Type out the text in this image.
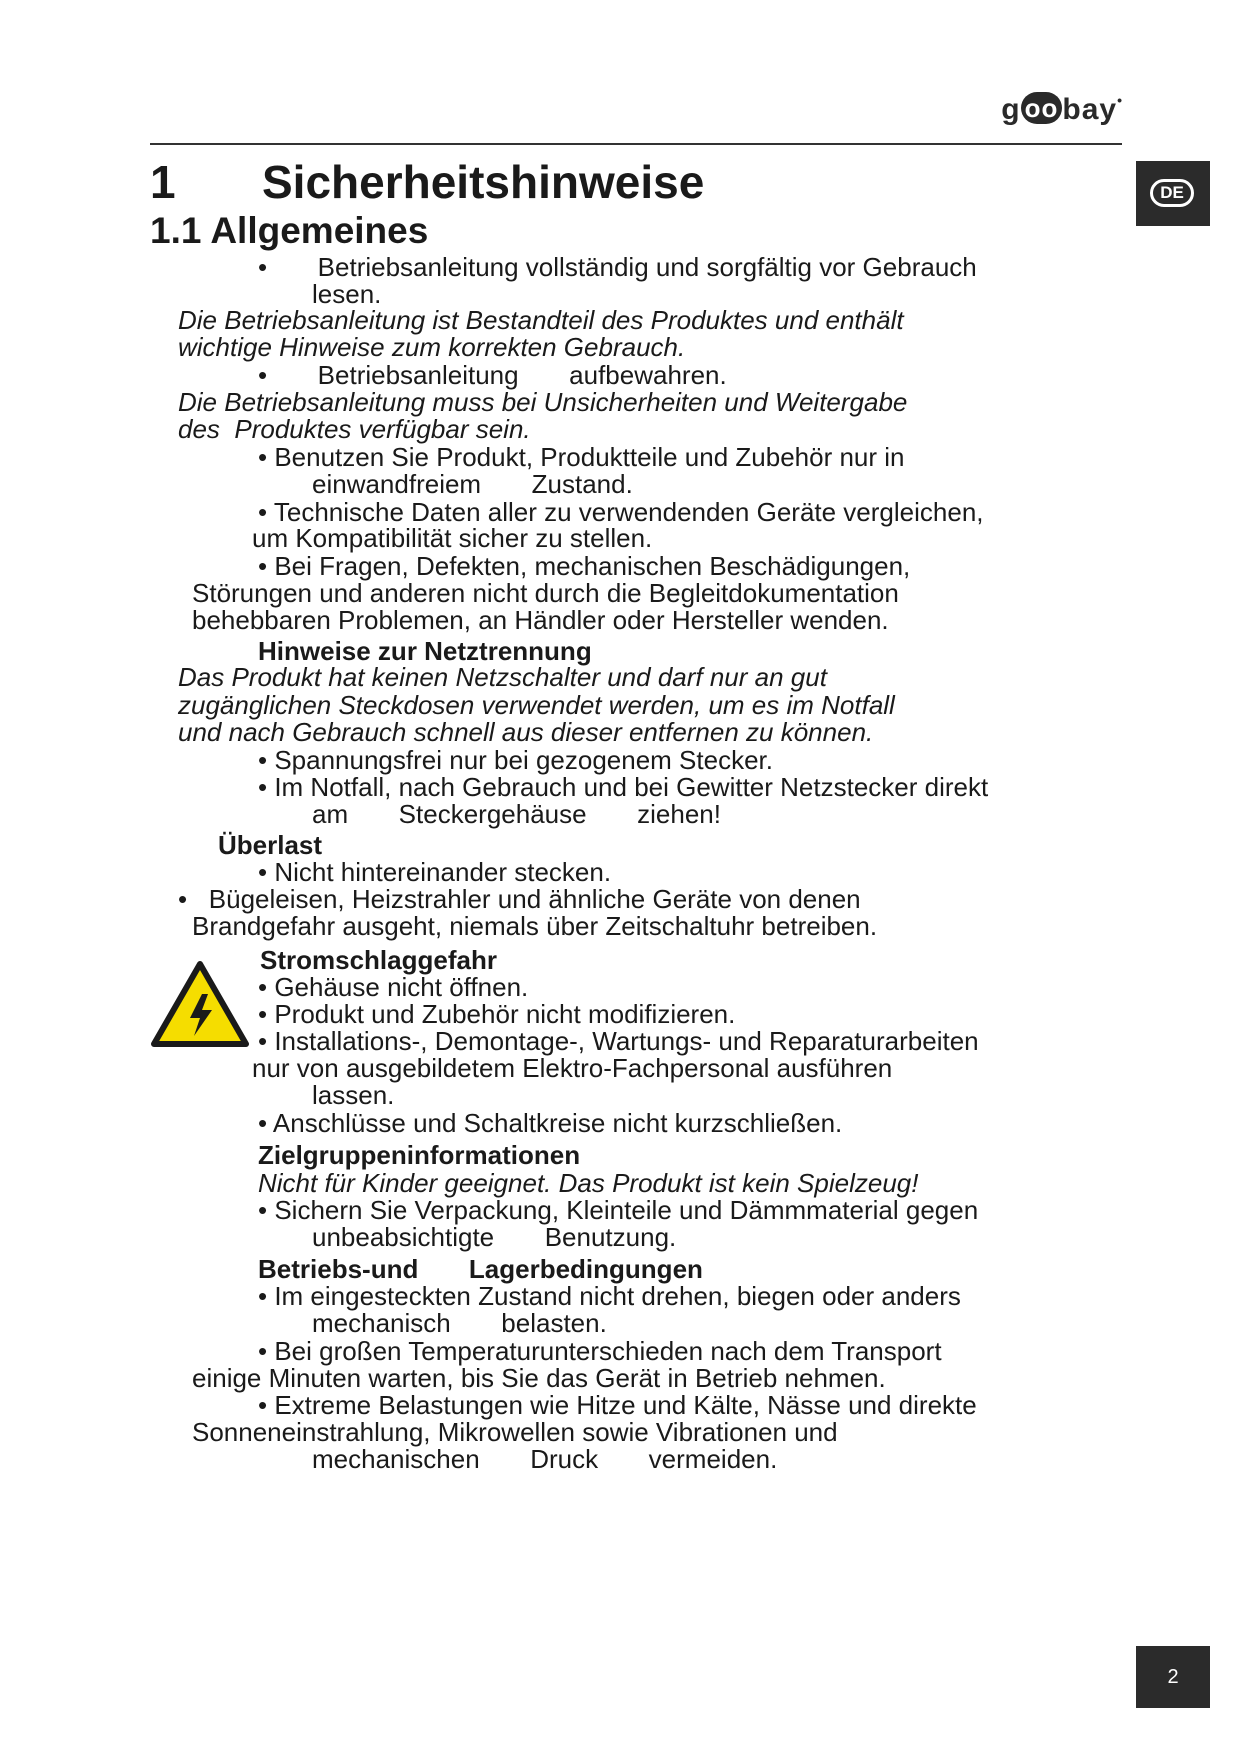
g oo bay•
DE
1 Sicherheitshinweise
1.1 Allgemeines
•       Betriebsanleitung vollständig und sorgfältig vor Gebrauch
lesen.
Die Betriebsanleitung ist Bestandteil des Produktes und enthält
wichtige Hinweise zum korrekten Gebrauch.
•       Betriebsanleitung       aufbewahren.
Die Betriebsanleitung muss bei Unsicherheiten und Weitergabe
des  Produktes verfügbar sein.
• Benutzen Sie Produkt, Produktteile und Zubehör nur in
einwandfreiem       Zustand.
• Technische Daten aller zu verwendenden Geräte vergleichen,
um Kompatibilität sicher zu stellen.
• Bei Fragen, Defekten, mechanischen Beschädigungen,
Störungen und anderen nicht durch die Begleitdokumentation
behebbaren Problemen, an Händler oder Hersteller wenden.
Hinweise zur Netztrennung
Das Produkt hat keinen Netzschalter und darf nur an gut
zugänglichen Steckdosen verwendet werden, um es im Notfall
und nach Gebrauch schnell aus dieser entfernen zu können.
• Spannungsfrei nur bei gezogenem Stecker.
• Im Notfall, nach Gebrauch und bei Gewitter Netzstecker direkt
am       Steckergehäuse       ziehen!
Überlast
• Nicht hintereinander stecken.
•   Bügeleisen, Heizstrahler und ähnliche Geräte von denen
Brandgefahr ausgeht, niemals über Zeitschaltuhr betreiben.
Stromschlaggefahr
• Gehäuse nicht öffnen.
• Produkt und Zubehör nicht modifizieren.
• Installations-, Demontage-, Wartungs- und Reparaturarbeiten
nur von ausgebildetem Elektro-Fachpersonal ausführen
lassen.
• Anschlüsse und Schaltkreise nicht kurzschließen.
Zielgruppeninformationen
Nicht für Kinder geeignet. Das Produkt ist kein Spielzeug!
• Sichern Sie Verpackung, Kleinteile und Dämmmaterial gegen
unbeabsichtigte       Benutzung.
Betriebs-und       Lagerbedingungen
• Im eingesteckten Zustand nicht drehen, biegen oder anders
mechanisch       belasten.
• Bei großen Temperaturunterschieden nach dem Transport
einige Minuten warten, bis Sie das Gerät in Betrieb nehmen.
• Extreme Belastungen wie Hitze und Kälte, Nässe und direkte
Sonneneinstrahlung, Mikrowellen sowie Vibrationen und
mechanischen       Druck       vermeiden.
2
